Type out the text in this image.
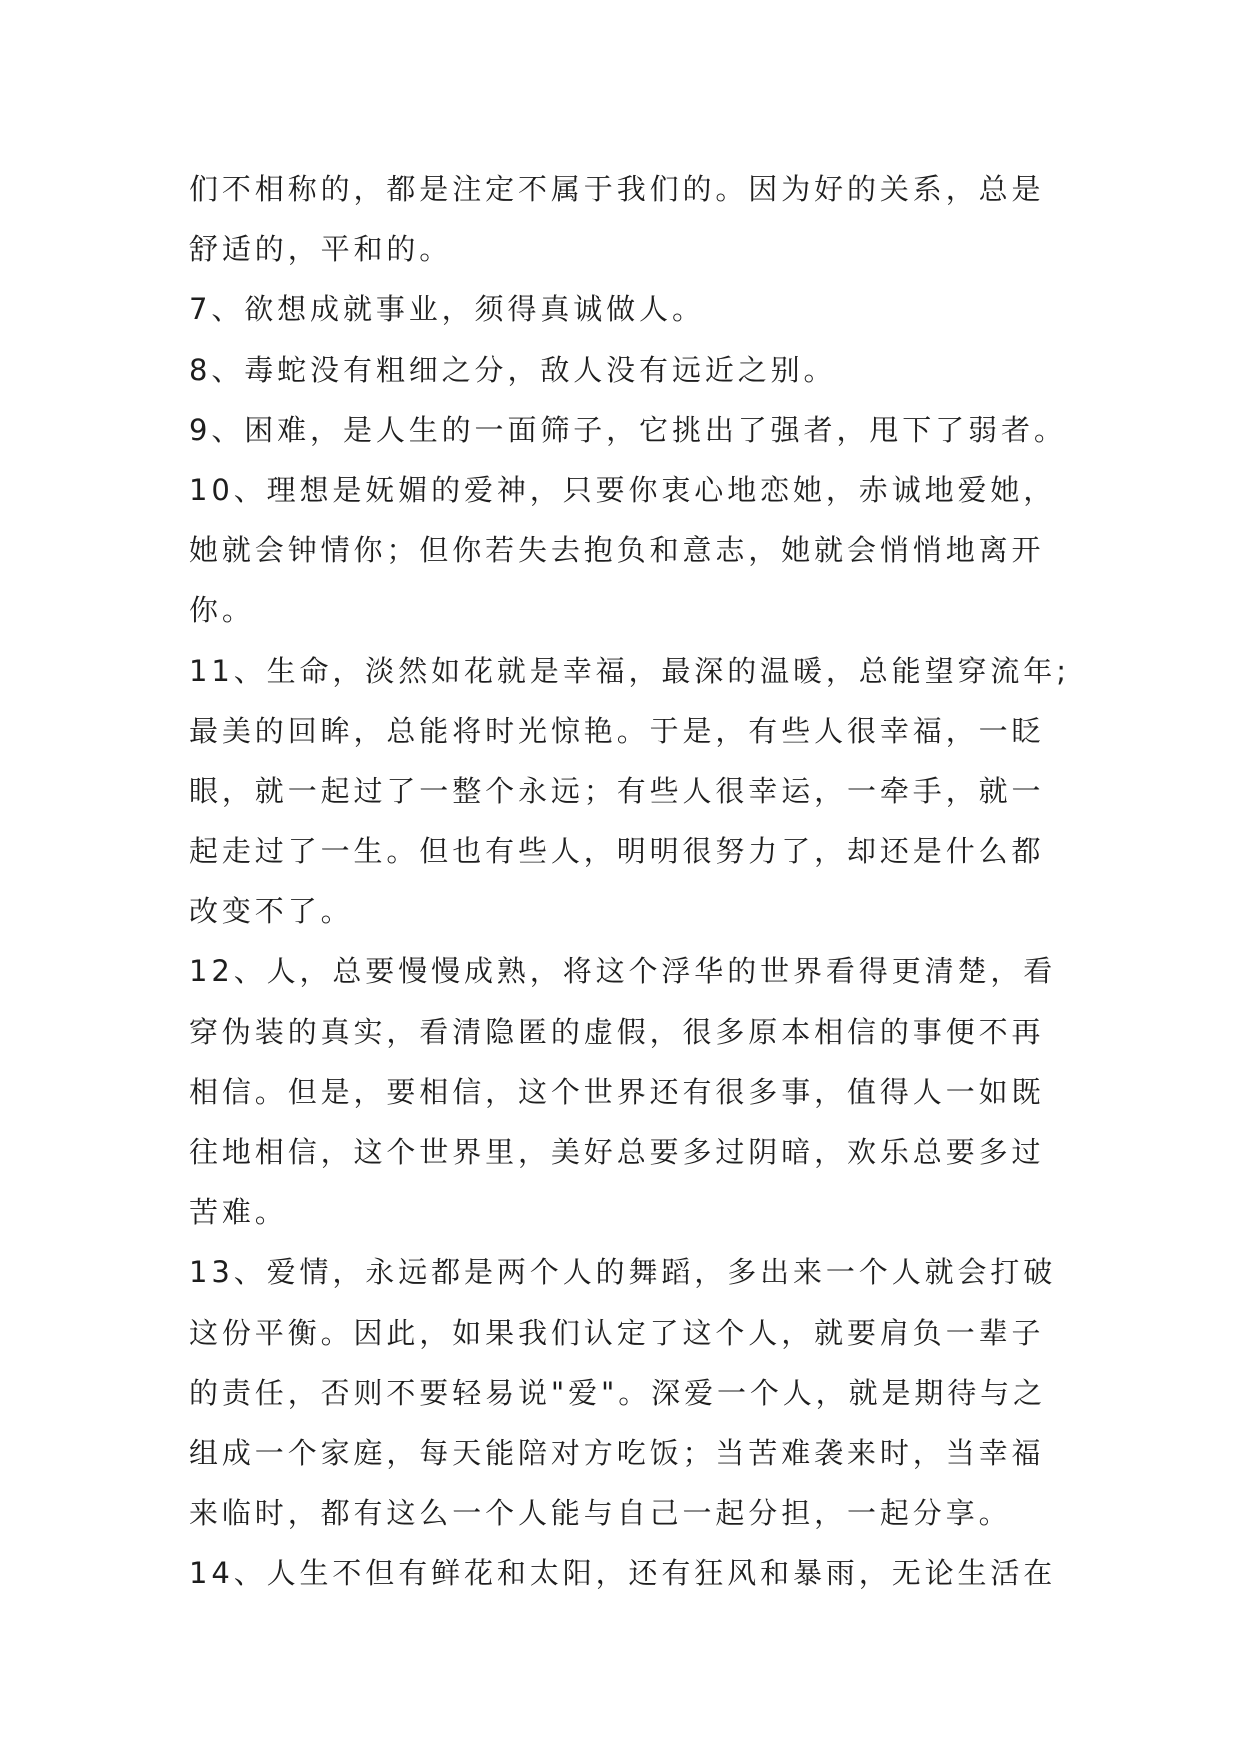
们不相称的，都是注定不属于我们的。因为好的关系，总是
舒适的，平和的。
7、欲想成就事业，须得真诚做人。
8、毒蛇没有粗细之分，敌人没有远近之别。
9、困难，是人生的一面筛子，它挑出了强者，甩下了弱者。
10、理想是妩媚的爱神，只要你衷心地恋她，赤诚地爱她，
她就会钟情你；但你若失去抱负和意志，她就会悄悄地离开
你。
11、生命，淡然如花就是幸福，最深的温暖，总能望穿流年;
最美的回眸，总能将时光惊艳。于是，有些人很幸福，一眨
眼，就一起过了一整个永远；有些人很幸运，一牵手，就一
起走过了一生。但也有些人，明明很努力了，却还是什么都
改变不了。
12、人，总要慢慢成熟，将这个浮华的世界看得更清楚，看
穿伪装的真实，看清隐匿的虚假，很多原本相信的事便不再
相信。但是，要相信，这个世界还有很多事，值得人一如既
往地相信，这个世界里，美好总要多过阴暗，欢乐总要多过
苦难。
13、爱情，永远都是两个人的舞蹈，多出来一个人就会打破
这份平衡。因此，如果我们认定了这个人，就要肩负一辈子
的责任，否则不要轻易说"爱"。深爱一个人，就是期待与之
组成一个家庭，每天能陪对方吃饭；当苦难袭来时，当幸福
来临时，都有这么一个人能与自己一起分担，一起分享。
14、人生不但有鲜花和太阳，还有狂风和暴雨，无论生活在
